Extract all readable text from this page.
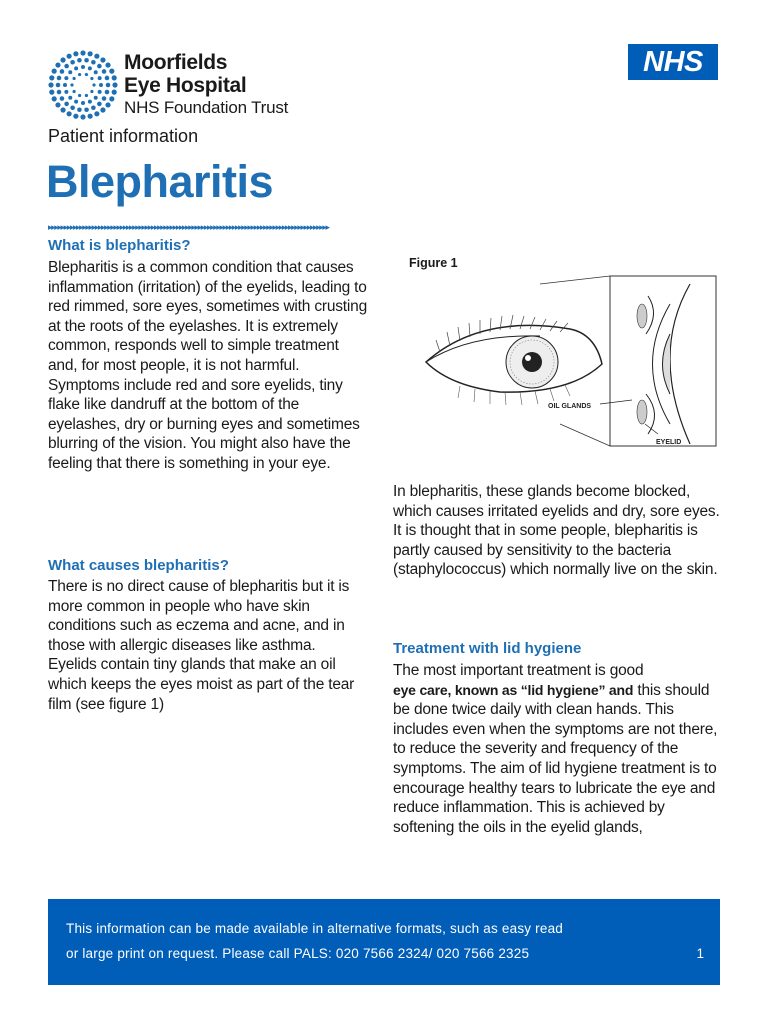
Moorfields
Eye Hospital
NHS Foundation Trust
NHS
Patient information
Blepharitis
▸▸▸▸▸▸▸▸▸▸▸▸▸▸▸▸▸▸▸▸▸▸▸▸▸▸▸▸▸▸▸▸▸▸▸▸▸▸▸▸▸▸▸▸▸▸▸▸▸▸▸▸▸▸▸▸▸▸▸▸▸▸▸▸▸▸▸▸▸▸▸▸▸▸▸▸▸▸▸▸▸▸▸▸▸▸▸▸▸▸
What is blepharitis?
Blepharitis is a common condition that causes inflammation (irritation) of the eyelids, leading to red rimmed, sore eyes, sometimes with crusting at the roots of the eyelashes. It is extremely common, responds well to simple treatment and, for most people, it is not harmful. Symptoms include red and sore eyelids, tiny flake like dandruff at the bottom of the eyelashes, dry or burning eyes and sometimes blurring of the vision. You might also have the feeling that there is something in your eye.
What causes blepharitis?
There is no direct cause of blepharitis but it is more common in people who have skin conditions such as eczema and acne, and in those with allergic diseases like asthma. Eyelids contain tiny glands that make an oil which keeps the eyes moist as part of the tear film (see figure 1)
Figure 1
OIL GLANDS
EYELID
In blepharitis, these glands become blocked, which causes irritated eyelids and dry, sore eyes. It is thought that in some people, blepharitis is partly caused by sensitivity to the bacteria (staphylococcus) which normally live on the skin.
Treatment with lid hygiene
The most important treatment is good
eye care, known as “lid hygiene” and this should be done twice daily with clean hands. This includes even when the symptoms are not there, to reduce the severity and frequency of the symptoms. The aim of lid hygiene treatment is to encourage healthy tears to lubricate the eye and reduce inflammation. This is achieved by softening the oils in the eyelid glands,
This information can be made available in alternative formats, such as easy read
or large print on request. Please call PALS: 020 7566 2324/ 020 7566 2325	1
